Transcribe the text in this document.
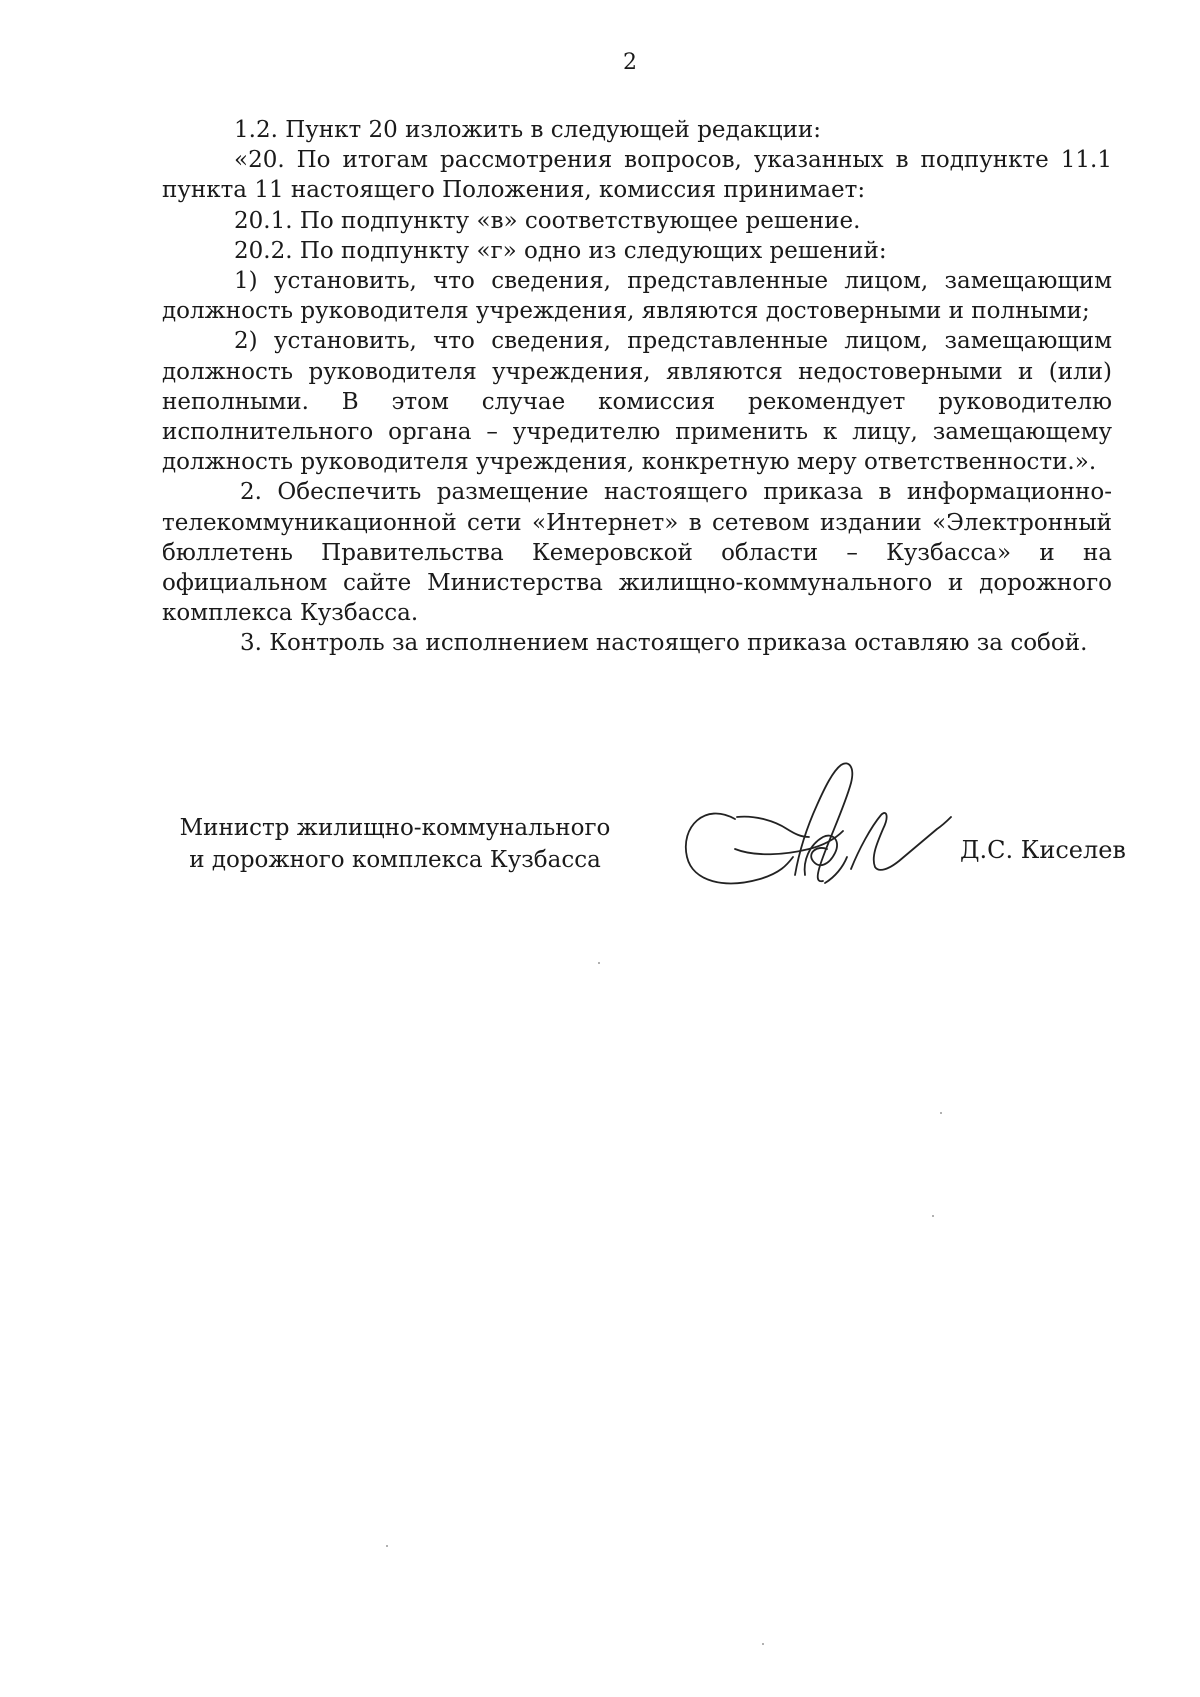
2

1.2. Пункт 20 изложить в следующей редакции:

«20. По итогам рассмотрения вопросов, указанных в подпункте 11.1 пункта 11 настоящего Положения, комиссия принимает:

20.1. По подпункту «в» соответствующее решение.

20.2. По подпункту «г» одно из следующих решений:

1) установить, что сведения, представленные лицом, замещающим должность руководителя учреждения, являются достоверными и полными;

2) установить, что сведения, представленные лицом, замещающим должность руководителя учреждения, являются недостоверными и (или) неполными. В этом случае комиссия рекомендует руководителю исполнительного органа – учредителю применить к лицу, замещающему должность руководителя учреждения, конкретную меру ответственности.».

2. Обеспечить размещение настоящего приказа в информационно-телекоммуникационной сети «Интернет» в сетевом издании «Электронный бюллетень Правительства Кемеровской области – Кузбасса» и на официальном сайте Министерства жилищно-коммунального и дорожного комплекса Кузбасса.

3. Контроль за исполнением настоящего приказа оставляю за собой.

Министр жилищно-коммунального
и дорожного комплекса Кузбасса	Д.С. Киселев
